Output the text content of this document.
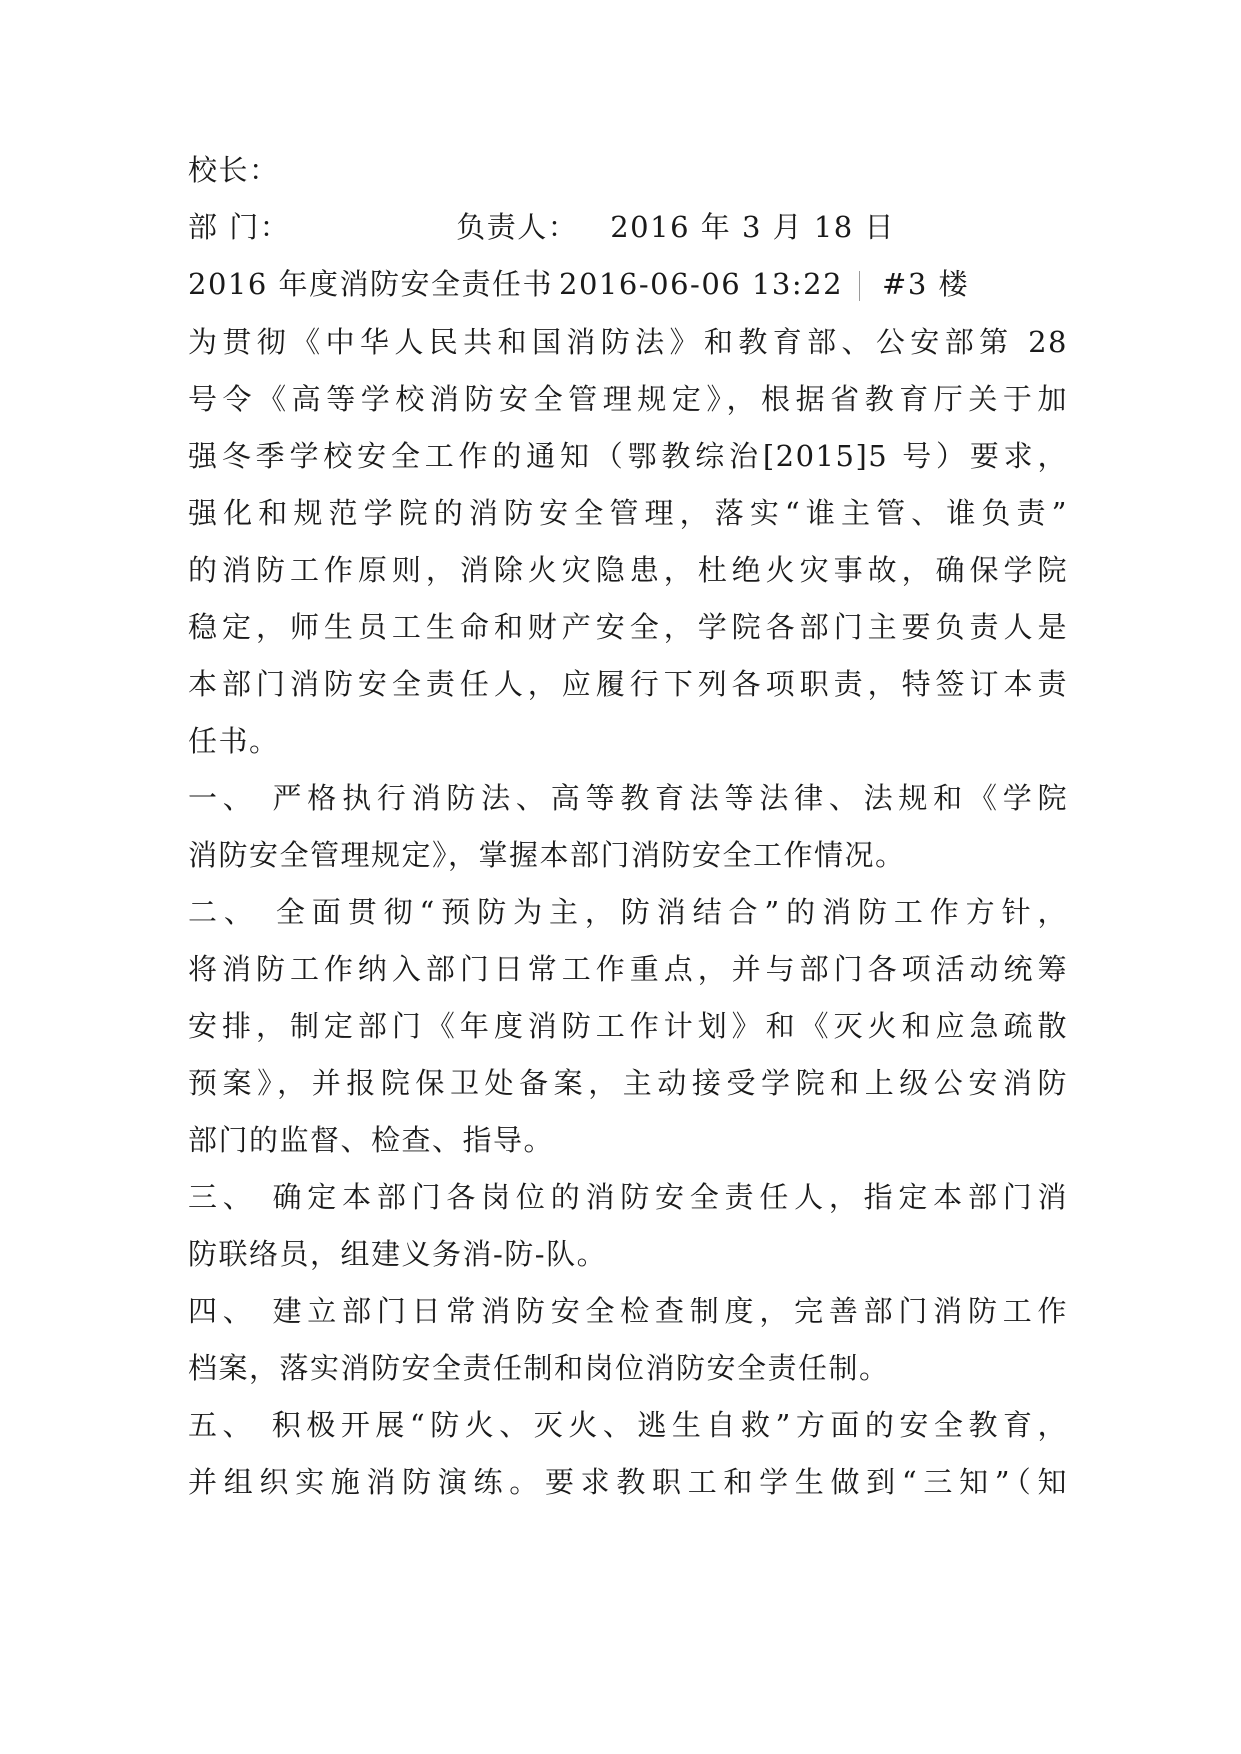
校长：
部 门：	负责人： 2016 年 3 月 18 日
2016 年度消防安全责任书 2016-06-06 13:22 #3 楼
为贯彻《中华人民共和国消防法》和教育部、公安部第 28
号令《高等学校消防安全管理规定》，根据省教育厅关于加
强冬季学校安全工作的通知（鄂教综治[2015]5 号）要求，
强化和规范学院的消防安全管理，落实“谁主管、谁负责”
的消防工作原则，消除火灾隐患，杜绝火灾事故，确保学院
稳定，师生员工生命和财产安全，学院各部门主要负责人是
本部门消防安全责任人，应履行下列各项职责，特签订本责
任书。
一、 严格执行消防法、高等教育法等法律、法规和《学院
消防安全管理规定》，掌握本部门消防安全工作情况。
二、 全面贯彻“预防为主，防消结合”的消防工作方针，
将消防工作纳入部门日常工作重点，并与部门各项活动统筹
安排，制定部门《年度消防工作计划》和《灭火和应急疏散
预案》，并报院保卫处备案，主动接受学院和上级公安消防
部门的监督、检查、指导。
三、 确定本部门各岗位的消防安全责任人，指定本部门消
防联络员，组建义务消-防-队。
四、 建立部门日常消防安全检查制度，完善部门消防工作
档案，落实消防安全责任制和岗位消防安全责任制。
五、 积极开展“防火、灭火、逃生自救”方面的安全教育，
并组织实施消防演练。要求教职工和学生做到“三知”（知
